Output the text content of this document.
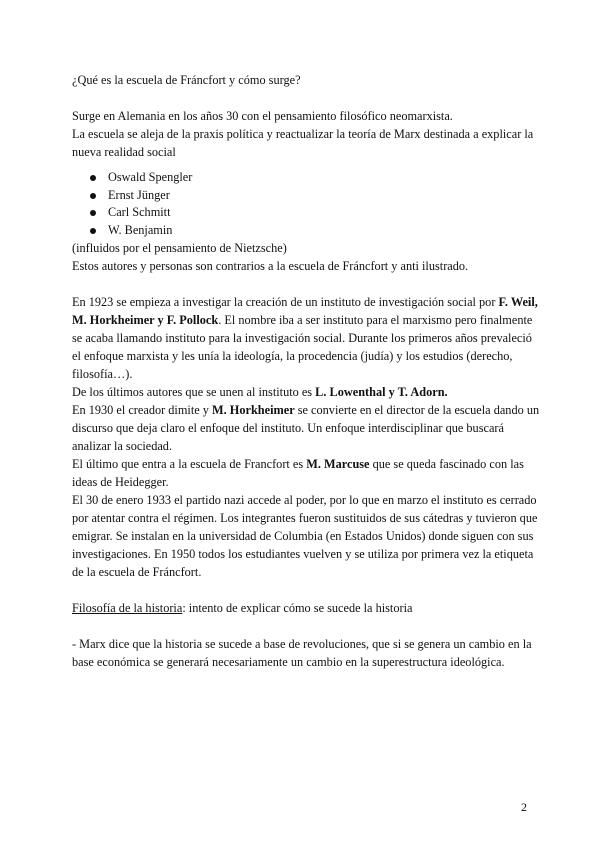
¿Qué es la escuela de Fráncfort y cómo surge?

Surge en Alemania en los años 30 con el pensamiento filosófico neomarxista.

La escuela se aleja de la praxis política y reactualizar la teoría de Marx destinada a explicar la nueva realidad social

Oswald Spengler
Ernst Jünger
Carl Schmitt
W. Benjamin

(influidos por el pensamiento de Nietzsche)

Estos autores y personas son contrarios a la escuela de Fráncfort y anti ilustrado.

En 1923 se empieza a investigar la creación de un instituto de investigación social por F. Weil, M. Horkheimer y F. Pollock. El nombre iba a ser instituto para el marxismo pero finalmente se acaba llamando instituto para la investigación social. Durante los primeros años prevaleció el enfoque marxista y les unía la ideología, la procedencia (judía) y los estudios (derecho, filosofía…).

De los últimos autores que se unen al instituto es L. Lowenthal y T. Adorn.

En 1930 el creador dimite y M. Horkheimer se convierte en el director de la escuela dando un discurso que deja claro el enfoque del instituto. Un enfoque interdisciplinar que buscará analizar la sociedad.

El último que entra a la escuela de Francfort es M. Marcuse que se queda fascinado con las ideas de Heidegger.

El 30 de enero 1933 el partido nazi accede al poder, por lo que en marzo el instituto es cerrado por atentar contra el régimen. Los integrantes fueron sustituidos de sus cátedras y tuvieron que emigrar. Se instalan en la universidad de Columbia (en Estados Unidos) donde siguen con sus investigaciones. En 1950 todos los estudiantes vuelven y se utiliza por primera vez la etiqueta de la escuela de Fráncfort.

Filosofía de la historia: intento de explicar cómo se sucede la historia

- Marx dice que la historia se sucede a base de revoluciones, que si se genera un cambio en la base económica se generará necesariamente un cambio en la superestructura ideológica.

2
